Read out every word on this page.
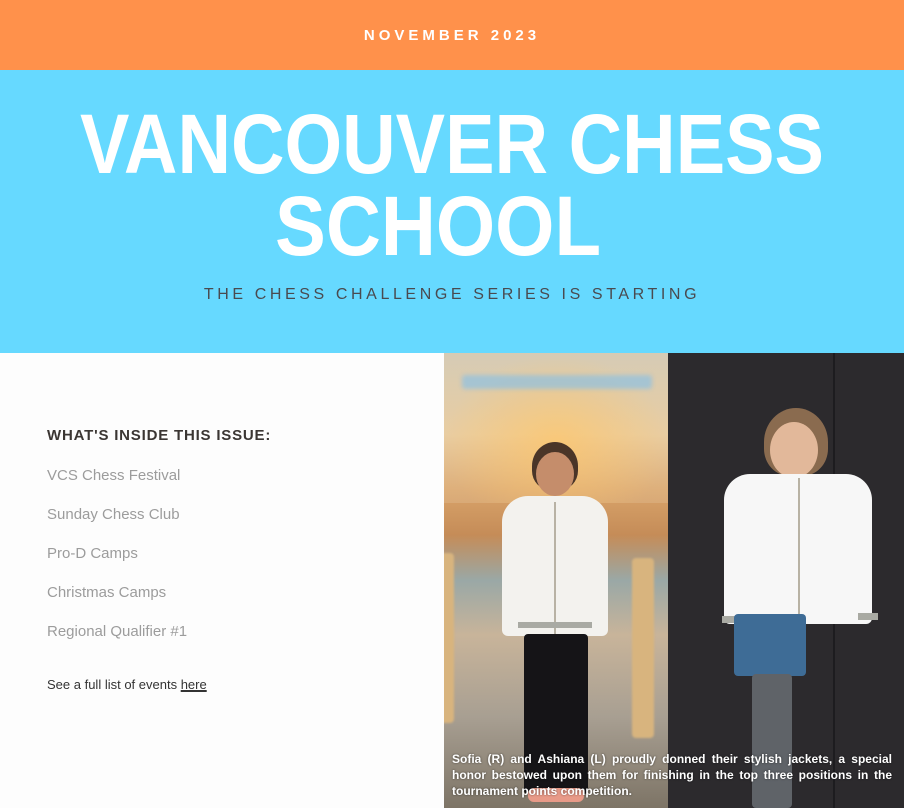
NOVEMBER 2023
VANCOUVER CHESS
SCHOOL
THE CHESS CHALLENGE SERIES IS STARTING
WHAT'S INSIDE THIS ISSUE:
VCS Chess Festival
Sunday Chess Club
Pro-D Camps
Christmas Camps
Regional Qualifier #1
See a full list of events here
Sofia (R) and Ashiana (L) proudly donned their stylish jackets, a special honor bestowed upon them for finishing in the top three positions in the tournament points competition.
